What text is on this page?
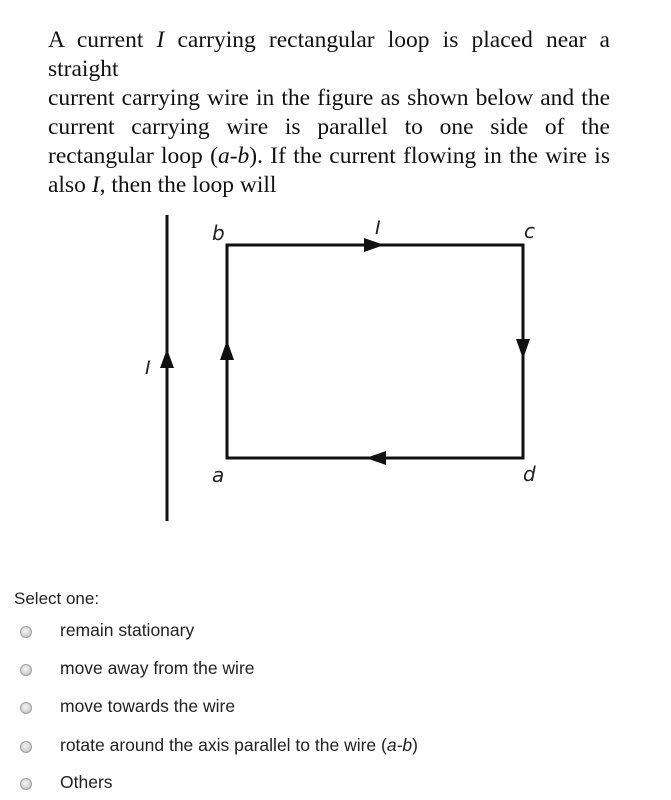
A current I carrying rectangular loop is placed near a straight
current carrying wire in the figure as shown below and the
current carrying wire is parallel to one side of the
rectangular loop (a-b). If the current flowing in the wire is
also I, then the loop will
I
I
b	c
a	d
Select one:
remain stationary
move away from the wire
move towards the wire
rotate around the axis parallel to the wire (a-b)
Others
